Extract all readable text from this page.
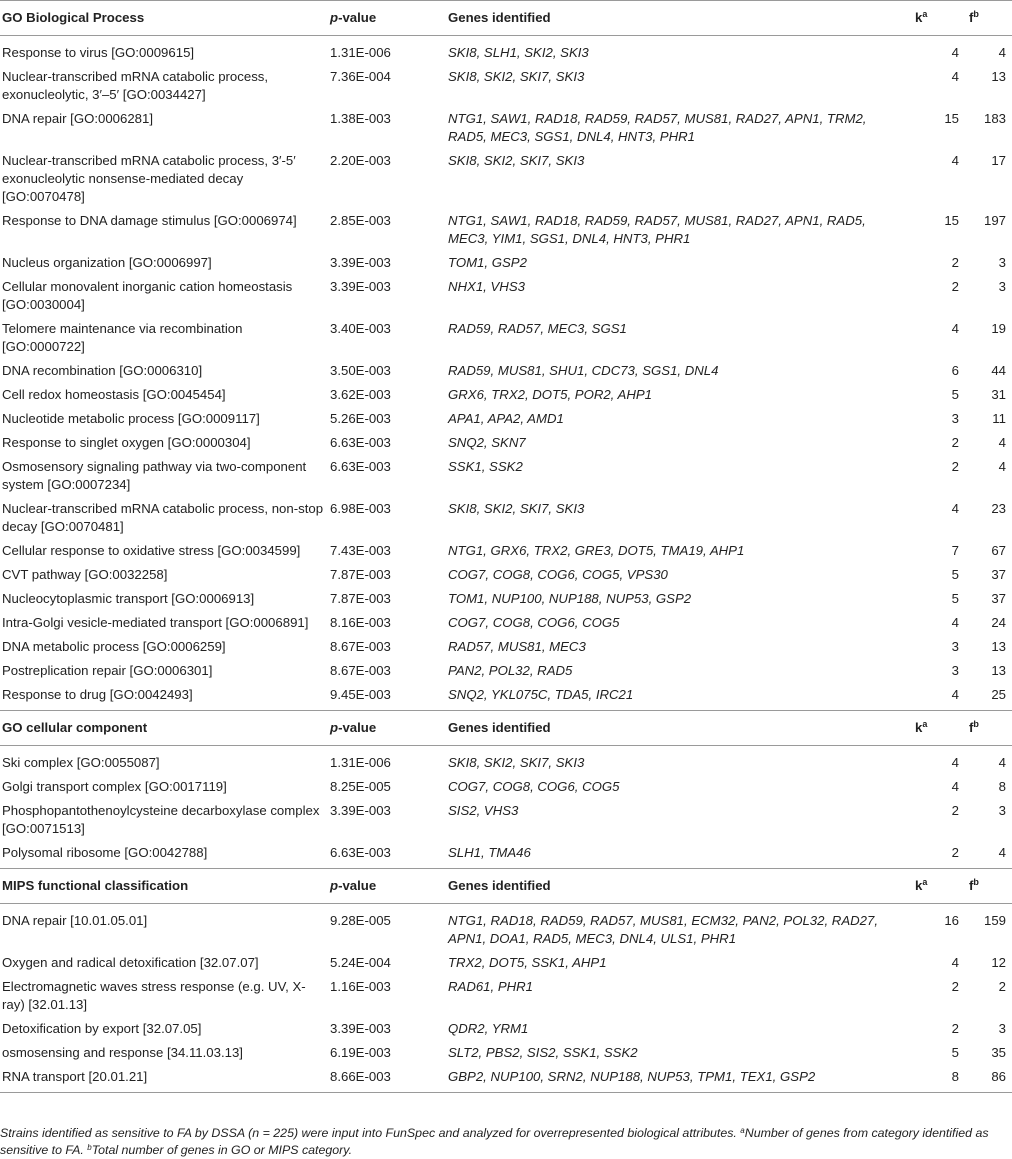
GO Biological Process	p-value	Genes identified	$k^a$	$f^b$
Response to virus [GO:0009615]	1.31E-006	SKI8, SLH1, SKI2, SKI3	4	4
Nuclear-transcribed mRNA catabolic process, exonucleolytic, 3′–5′ [GO:0034427]	7.36E-004	SKI8, SKI2, SKI7, SKI3	4	13
DNA repair [GO:0006281]	1.38E-003	NTG1, SAW1, RAD18, RAD59, RAD57, MUS81, RAD27, APN1, TRM2, RAD5, MEC3, SGS1, DNL4, HNT3, PHR1	15	183
Nuclear-transcribed mRNA catabolic process, 3′-5′ exonucleolytic nonsense-mediated decay [GO:0070478]	2.20E-003	SKI8, SKI2, SKI7, SKI3	4	17
Response to DNA damage stimulus [GO:0006974]	2.85E-003	NTG1, SAW1, RAD18, RAD59, RAD57, MUS81, RAD27, APN1, RAD5, MEC3, YIM1, SGS1, DNL4, HNT3, PHR1	15	197
Nucleus organization [GO:0006997]	3.39E-003	TOM1, GSP2	2	3
Cellular monovalent inorganic cation homeostasis [GO:0030004]	3.39E-003	NHX1, VHS3	2	3
Telomere maintenance via recombination [GO:0000722]	3.40E-003	RAD59, RAD57, MEC3, SGS1	4	19
DNA recombination [GO:0006310]	3.50E-003	RAD59, MUS81, SHU1, CDC73, SGS1, DNL4	6	44
Cell redox homeostasis [GO:0045454]	3.62E-003	GRX6, TRX2, DOT5, POR2, AHP1	5	31
Nucleotide metabolic process [GO:0009117]	5.26E-003	APA1, APA2, AMD1	3	11
Response to singlet oxygen [GO:0000304]	6.63E-003	SNQ2, SKN7	2	4
Osmosensory signaling pathway via two-component system [GO:0007234]	6.63E-003	SSK1, SSK2	2	4
Nuclear-transcribed mRNA catabolic process, non-stop decay [GO:0070481]	6.98E-003	SKI8, SKI2, SKI7, SKI3	4	23
Cellular response to oxidative stress [GO:0034599]	7.43E-003	NTG1, GRX6, TRX2, GRE3, DOT5, TMA19, AHP1	7	67
CVT pathway [GO:0032258]	7.87E-003	COG7, COG8, COG6, COG5, VPS30	5	37
Nucleocytoplasmic transport [GO:0006913]	7.87E-003	TOM1, NUP100, NUP188, NUP53, GSP2	5	37
Intra-Golgi vesicle-mediated transport [GO:0006891]	8.16E-003	COG7, COG8, COG6, COG5	4	24
DNA metabolic process [GO:0006259]	8.67E-003	RAD57, MUS81, MEC3	3	13
Postreplication repair [GO:0006301]	8.67E-003	PAN2, POL32, RAD5	3	13
Response to drug [GO:0042493]	9.45E-003	SNQ2, YKL075C, TDA5, IRC21	4	25
GO cellular component	p-value	Genes identified	$k^a$	$f^b$
Ski complex [GO:0055087]	1.31E-006	SKI8, SKI2, SKI7, SKI3	4	4
Golgi transport complex [GO:0017119]	8.25E-005	COG7, COG8, COG6, COG5	4	8
Phosphopantothenoylcysteine decarboxylase complex [GO:0071513]	3.39E-003	SIS2, VHS3	2	3
Polysomal ribosome [GO:0042788]	6.63E-003	SLH1, TMA46	2	4
MIPS functional classification	p-value	Genes identified	$k^a$	$f^b$
DNA repair [10.01.05.01]	9.28E-005	NTG1, RAD18, RAD59, RAD57, MUS81, ECM32, PAN2, POL32, RAD27, APN1, DOA1, RAD5, MEC3, DNL4, ULS1, PHR1	16	159
Oxygen and radical detoxification [32.07.07]	5.24E-004	TRX2, DOT5, SSK1, AHP1	4	12
Electromagnetic waves stress response (e.g. UV, X-ray) [32.01.13]	1.16E-003	RAD61, PHR1	2	2
Detoxification by export [32.07.05]	3.39E-003	QDR2, YRM1	2	3
osmosensing and response [34.11.03.13]	6.19E-003	SLT2, PBS2, SIS2, SSK1, SSK2	5	35
RNA transport [20.01.21]	8.66E-003	GBP2, NUP100, SRN2, NUP188, NUP53, TPM1, TEX1, GSP2	8	86

Strains identified as sensitive to FA by DSSA (n = 225) were input into FunSpec and analyzed for overrepresented biological attributes. $^a$Number of genes from category identified as sensitive to FA. $^b$Total number of genes in GO or MIPS category.
